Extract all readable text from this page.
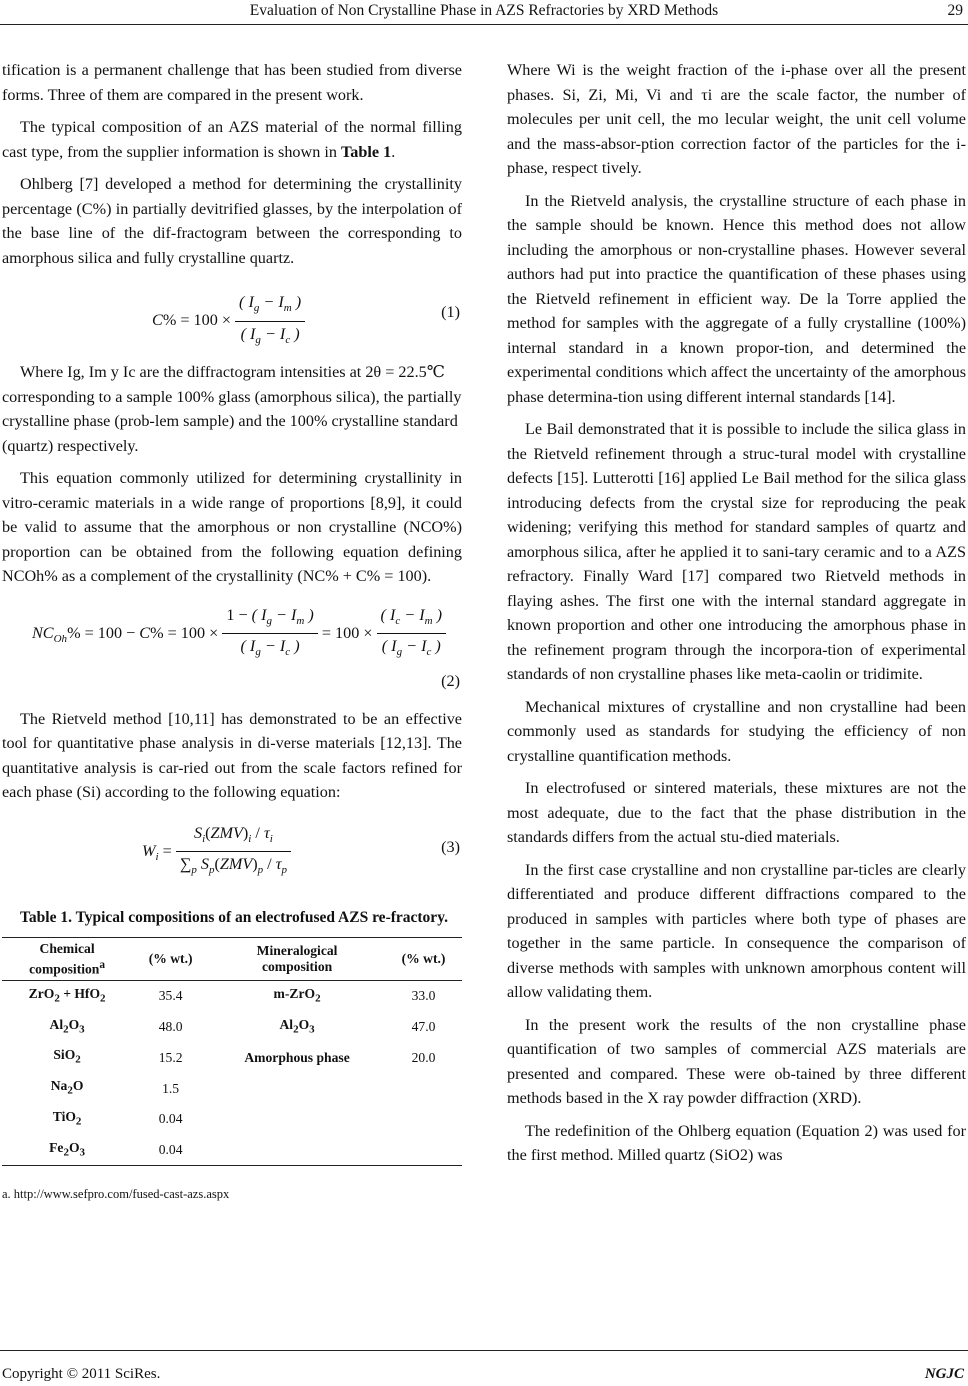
Evaluation of Non Crystalline Phase in AZS Refractories by XRD Methods	29

tification is a permanent challenge that has been studied from diverse forms. Three of them are compared in the present work.

The typical composition of an AZS material of the normal filling cast type, from the supplier information is shown in Table 1.

Ohlberg [7] developed a method for determining the crystallinity percentage (C%) in partially devitrified glasses, by the interpolation of the base line of the dif-fractogram between the corresponding to amorphous silica and fully crystalline quartz.

$C\% = 100 \times \frac{( I_g - I_m )}{( I_g - I_c )}$	(1)

Where Ig, Im y Ic are the diffractogram intensities at 2θ = 22.5℃ corresponding to a sample 100% glass (amorphous silica), the partially crystalline phase (prob-lem sample) and the 100% crystalline standard (quartz) respectively.

This equation commonly utilized for determining crystallinity in vitro-ceramic materials in a wide range of proportions [8,9], it could be valid to assume that the amorphous or non crystalline (NCO%) proportion can be obtained from the following equation defining NCOh% as a complement of the crystallinity (NC% + C% = 100).

$NC_{Oh}\% = 100 - C\% = 100 \times \frac{1 - ( I_g - I_m )}{( I_g - I_c )} = 100 \times \frac{( I_c - I_m )}{( I_g - I_c )}$
(2)

The Rietveld method [10,11] has demonstrated to be an effective tool for quantitative phase analysis in di-verse materials [12,13]. The quantitative analysis is car-ried out from the scale factors refined for each phase (Si) according to the following equation:

$W_i = \frac{S_i(ZMV)_i / \tau_i}{\sum_p S_p(ZMV)_p / \tau_p}$	(3)

Table 1. Typical compositions of an electrofused AZS re-fractory.

Chemical
composition$^a$	(% wt.)	Mineralogical
composition	(% wt.)
ZrO$_2$ + HfO$_2$	35.4	m-ZrO$_2$	33.0
$Al_2O_3$	48.0	$Al_2O_3$	47.0
SiO$_2$	15.2	Amorphous phase	20.0
$Na_2O$	1.5		
TiO$_2$	0.04		
$Fe_2O_3$	0.04		
a. http://www.sefpro.com/fused-cast-azs.aspx

Where Wi is the weight fraction of the i-phase over all the present phases. Si, Zi, Mi, Vi and τi are the scale factor, the number of molecules per unit cell, the mo lecular weight, the unit cell volume and the mass-absor-ption correction factor of the particles for the i-phase, respect tively.

In the Rietveld analysis, the crystalline structure of each phase in the sample should be known. Hence this method does not allow including the amorphous or non-crystalline phases. However several authors had put into practice the quantification of these phases using the Rietveld refinement in efficient way. De la Torre applied the method for samples with the aggregate of a fully crystalline (100%) internal standard in a known propor-tion, and determined the experimental conditions which affect the uncertainty of the amorphous phase determina-tion using different internal standards [14].

Le Bail demonstrated that it is possible to include the silica glass in the Rietveld refinement through a struc-tural model with crystalline defects [15]. Lutterotti [16] applied Le Bail method for the silica glass introducing defects from the crystal size for reproducing the peak widening; verifying this method for standard samples of quartz and amorphous silica, after he applied it to sani-tary ceramic and to a AZS refractory. Finally Ward [17] compared two Rietveld methods in flaying ashes. The first one with the internal standard aggregate in known proportion and other one introducing the amorphous phase in the refinement program through the incorpora-tion of experimental standards of non crystalline phases like meta-caolin or tridimite.

Mechanical mixtures of crystalline and non crystalline had been commonly used as standards for studying the efficiency of non crystalline quantification methods.

In electrofused or sintered materials, these mixtures are not the most adequate, due to the fact that the phase distribution in the standards differs from the actual stu-died materials.

In the first case crystalline and non crystalline par-ticles are clearly differentiated and produce different diffractions compared to the produced in samples with particles where both type of phases are together in the same particle. In consequence the comparison of diverse methods with samples with unknown amorphous content will allow validating them.

In the present work the results of the non crystalline phase quantification of two samples of commercial AZS materials are presented and compared. These were ob-tained by three different methods based in the X ray powder diffraction (XRD).

The redefinition of the Ohlberg equation (Equation 2) was used for the first method. Milled quartz (SiO2) was

Copyright © 2011 SciRes.	NGJC
